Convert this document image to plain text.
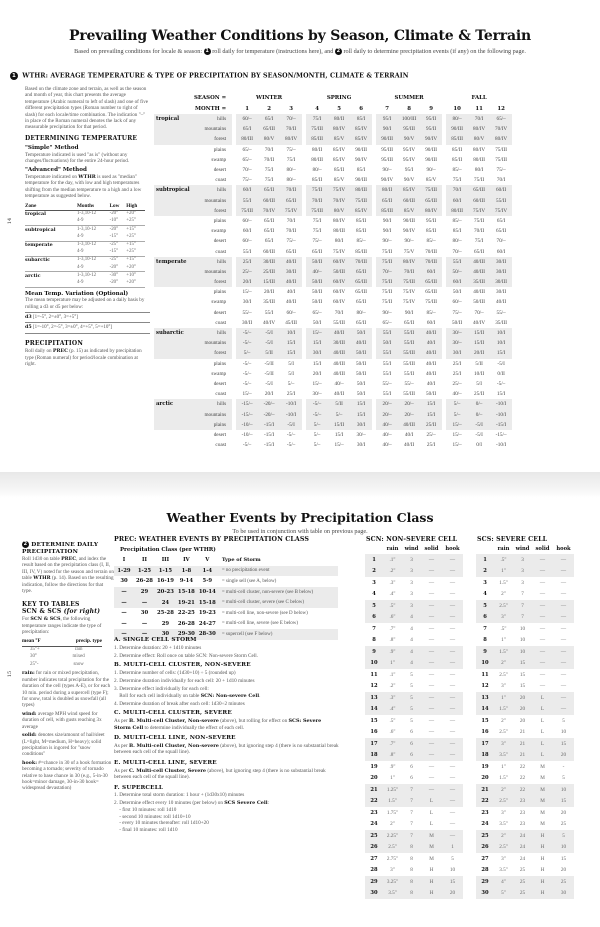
Prevailing Weather Conditions by Season, Climate & Terrain
Based on prevailing conditions for locale & season: 1 roll daily for temperature (instructions here), and 2 roll daily to determine precipitation events (if any) on the following page.
1 WTHR: AVERAGE TEMPERATURE & TYPE OF PRECIPITATION BY SEASON/MONTH, CLIMATE & TERRAIN
14

Based on the climate zone and terrain, as well as the season and month of year, this chart presents the average temperature (Arabic numeral to left of slash) and one of five different precipitation types (Roman number to right of slash) for each locale/time combination. The indication "–" in place of the Roman numeral denotes the lack of any measurable precipitation for that period.

DETERMINING TEMPERATURE
"Simple" Method

Temperature indicated is used "as is" (without any changes/fluctuations) for the entire 24-hour period.

"Advanced" Method

Temperature indicated on WTHR is used as "median" temperature for the day, with low and high temperatures shifting from the median temperature to a high and a low temperature as suggested below.

Zone	Months	Low	High
tropical	1-3,10-12	-20°	+20°
	4-9	-10°	+25°
subtropical	1-3,10-12	-20°	+15°
	4-9	-15°	+25°
temperate	1-3,10-12	-25°	+15°
	4-9	-15°	+25°
subarctic	1-3,10-12	-25°	+15°
	4-9	-20°	+20°
arctic	1-3,10-12	-30°	+10°
	4-9	-20°	+20°
Mean Temp. Variation (Optional)

The mean temperature may be adjusted on a daily basis by rolling a d3 or d5 per below:

d3 [1=-5°, 2=±0°, 3=+5°]
d5 [1=-10°, 2=-5°, 3=±0°, 4=+5°, 5=+10°]
PRECIPITATION

Roll daily on PREC (p. 15) as indicated by precipitation type (Roman numeral) for period/locale combination at right.

	SEASON =		WINTER				SPRING				SUMMER				FALL		
	MONTH =		1	2	3		4	5	6		7	8	9		10	11	12
tropical	hills		60/–	65/I	70/–		75/I	80/II	85/I		95/I	100/III	95/II		80/–	70/I	65/–
	mountains		65/I	65/III	70/II		75/III	80/IV	85/IV		90/I	95/III	95/II		90/III	80/IV	70/IV
	forest		80/III	80/V	80/IV		85/III	85/V	85/IV		90/III	90/V	90/IV		85/III	80/V	80/IV
	plains		65/–	70/I	75/–		80/II	85/IV	90/III		95/III	95/IV	90/III		85/II	80/IV	75/III
	swamp		65/–	70/II	75/I		80/III	85/IV	90/IV		95/III	95/IV	90/III		85/II	80/III	75/III
	desert		70/–	75/I	80/–		80/–	85/II	85/I		90/–	95/I	90/–		85/–	80/I	75/–
	coast		75/–	75/I	80/–		85/II	85/V	90/III		90/IV	90/V	85/V		75/I	75/II	70/I
subtropical	hills		60/I	65/II	70/II		75/II	75/IV	80/III		80/II	85/IV	75/III		70/I	65/III	60/II
	mountains		55/I	60/III	65/II		70/II	70/IV	75/III		65/II	60/III	65/III		60/I	60/III	55/II
	forest		75/III	70/IV	75/IV		75/III	80/V	85/IV		85/III	85/V	80/IV		80/III	75/IV	75/IV
	plains		60/–	65/II	70/I		75/I	80/IV	85/II		90/I	90/III	95/II		85/–	75/II	65/I
	swamp		60/I	65/II	70/II		75/I	80/III	85/II		90/I	90/IV	85/II		85/I	70/II	65/II
	desert		60/–	65/I	75/–		75/–	80/I	85/–		90/–	90/–	85/–		80/–	75/I	70/–
	coast		55/I	60/III	65/II		65/II	75/IV	85/III		75/II	75/V	70/III		70/–	65/II	60/I
temperate	hills		25/I	30/III	40/II		50/II	60/IV	70/III		75/II	80/IV	70/III		55/I	40/III	30/II
	mountains		25/–	25/III	30/II		40/–	50/III	65/II		70/–	70/II	60/I		50/–	40/III	30/II
	forest		20/I	15/III	40/II		50/II	60/IV	65/III		75/II	75/III	65/III		60/I	35/III	30/III
	plains		15/–	20/II	40/I		50/II	60/IV	65/III		75/II	75/IV	65/III		50/I	40/III	30/II
	swamp		30/I	35/III	40/II		50/II	60/IV	65/II		75/II	75/IV	75/III		60/–	50/III	40/II
	desert		55/–	55/I	60/–		65/–	70/I	80/–		90/–	90/I	85/–		75/–	70/–	55/–
	coast		30/II	40/IV	45/III		50/I	55/III	65/II		65/–	65/II	60/I		50/II	40/IV	35/III
subarctic	hills		-5/–	-5/I	10/I		15/–	40/II	50/I		55/I	55/II	40/II		30/–	15/II	10/I
	mountains		-5/–	-5/I	15/I		15/I	30/III	40/II		50/I	55/II	40/I		30/–	15/II	10/I
	forest		5/–	5/II	15/I		30/I	40/III	50/II		55/I	55/III	40/II		30/I	20/II	15/I
	plains		-5/–	-5/II	5/I		15/I	40/III	50/II		55/I	55/III	40/II		25/I	5/II	-5/I
	swamp		-5/–	-5/II	5/I		20/I	40/III	50/II		55/I	55/II	40/II		25/I	10/II	0/II
	desert		-5/–	-5/I	5/–		15/–	40/–	50/I		55/–	55/–	40/I		25/–	5/I	-5/–
	coast		15/–	20/I	25/I		30/–	40/II	50/I		55/I	55/III	50/II		40/–	25/II	15/I
arctic	hills		-15/–	-20/–	-10/I		-5/–	5/II	15/I		20/–	20/–	15/I		5/–	0/–	-10/I
	mountains		-15/–	-20/–	-10/I		-5/–	5/–	15/I		20/–	20/–	15/I		5/–	0/–	-10/I
	plains		-10/–	-15/I	-5/I		5/–	15/II	30/I		40/–	40/III	25/II		15/–	-5/I	-15/I
	desert		-10/–	-15/I	-5/–		5/–	15/I	30/–		40/–	40/I	25/–		15/–	-5/I	-15/–
	coast		-5/–	-15/I	-5/–		5/–	15/–	30/I		40/–	40/II	25/I		15/–	0/I	-10/I
Weather Events by Precipitation Class
To be used in conjunction with table on previous page.
15
2 DETERMINE DAILY PRECIPITATION

Roll 1d30 on table PREC, and index the result based on the precipitation class (I, II, III, IV, V) noted for the season and terrain on table WTHR (p. 14). Based on the resulting indication, follow the directions for that type.

KEY TO TABLES
SCN & SCS (for right)

For SCN & SCS, the following temperature ranges indicate the type of precipitation:

mean °F	precip. type
35°+	rain
30°	mixed
25°-	snow

rain: for rain or mixed precipitation, number indicates total precipitation for the duration of the cell (types A-E), or for each 10 min. period during a supercell (type F); for snow, total is doubled as snowfall (all types)

wind: average MPH wind speed for duration of cell, with gusts reaching 3x average

solid: denotes size/amount of hail/sleet (L=light, M=medium, H=heavy); solid precipitation is ingored for "snow conditions"

hook: #=chance in 30 of a hook formation becoming a tornado; severity of tornado relative to base chance in 30 (e.g., 5-in-30 hook=minor damage, 30-in-30 hook= widespread devastation)

PREC: WEATHER EVENTS BY PRECIPITATION CLASS
Precipitation Class (per WTHR)
I	II	III	IV	V	Type of Storm
1-29	1-25	1-15	1-8	1-4	= no precipitation event
30	26-28	16-19	9-14	5-9	= single sell (see A, below)
—	29	20-23	15-18	10-14	= multi-cell cluster, non-severe (see B below)
—	—	24	19-21	15-18	= multi-cell cluster, severe (see C below)
—	30	25-28	22-25	19-23	= multi-cell line, non-severe (see D below)
—	—	29	26-28	24-27	= multi-cell line, severe (see E below)
—	—	30	29-30	28-30	= supercell (see F below)
A. SINGLE CELL STORM
1. Determine duration: 20 + 1d10 minutes
2. Determine effect: Roll once on table SCN: Non-severe Storm Cell.
B. MULTI-CELL CLUSTER, NON-SEVERE
1. Determine number of cells: (1d30+10) ÷ 5 (rounded up)
2. Determine duration individually for each cell: 20 + 1d10 minutes
3. Determine effect individually for each cell:
Roll for each cell individually on table SCN: Non-severe Cell.
4. Determine duration of break after each cell: 1d30÷2 minutes
C. MULTI-CELL CLUSTER, SEVERE

As per B. Multi-cell Cluster, Non-severe (above), but rolling for effect on SCS: Severe Storm Cell to determine individually the effect of each cell.

D. MULTI-CELL LINE, NON-SEVERE

As per B. Multi-cell Cluster, Non-severe (above), but ignoring step 4 (there is no substantial break between each cell of the squall line).

E. MULTI-CELL LINE, SEVERE

As per C. Multi-cell Cluster, Severe (above), but ignoring step 4 (there is no substantial break between each cell of the squall line).

F. SUPERCELL
1. Determine total storm duration: 1 hour + (1d30x10) minutes
2. Determine effect every 10 minutes (per below) on SCS Severe Cell:
- first 10 minutes: roll 1d10
- second 10 minutes: roll 1d10+10
- every 10 minutes thereafter: roll 1d10+20
- final 10 minutes: roll 1d10
SCN: NON-SEVERE CELL
	rain	wind	solid	hook
1	.1"	3	—	—
2	.2"	3	—	—
3	.3"	3	—	—
4	.4"	3	—	—
5	.5"	3	—	—
6	.6"	4	—	—
7	.7"	4	—	—
8	.8"	4	—	—
9	.9"	4	—	—
10	1"	4	—	—
11	.1"	5	—	—
12	.2"	5	—	—
13	.3"	5	—	—
14	.4"	5	—	—
15	.5"	5	—	—
16	.6"	6	—	—
17	.7"	6	—	—
18	.8"	6	—	—
19	.9"	6	—	—
20	1"	6	—	—
21	1.25"	7	—	—
22	1.5"	7	L	—
23	1.75"	7	L	—
24	2"	7	L	—
25	2.25"	7	M	—
26	2.5"	8	M	1
27	2.75"	8	M	5
28	3"	8	H	10
29	3.25"	8	H	15
30	3.5"	8	H	20
SCS: SEVERE CELL
	rain	wind	solid	hook
1	.5"	3	—	—
2	1"	3	—	—
3	1.5"	3	—	—
4	2"	7	—	—
5	2.5"	7	—	—
6	3"	7	—	—
7	.5"	10	—	—
8	1"	10	—	—
9	1.5"	10	—	—
10	2"	15	—	—
11	2.5"	15	—	—
12	3"	15	—	—
13	1"	20	L	—
14	1.5"	20	L	—
15	2"	20	L	5
16	2.5"	21	L	10
17	3"	21	L	15
18	3.5"	21	L	20
19	1"	22	M	-
20	1.5"	22	M	5
21	2"	22	M	10
22	2.5"	23	M	15
23	3"	23	M	20
24	3.5"	23	M	25
25	2"	24	H	5
26	2.5"	24	H	10
27	3"	24	H	15
28	3.5"	25	H	20
29	4"	25	H	25
30	5"	25	H	30
